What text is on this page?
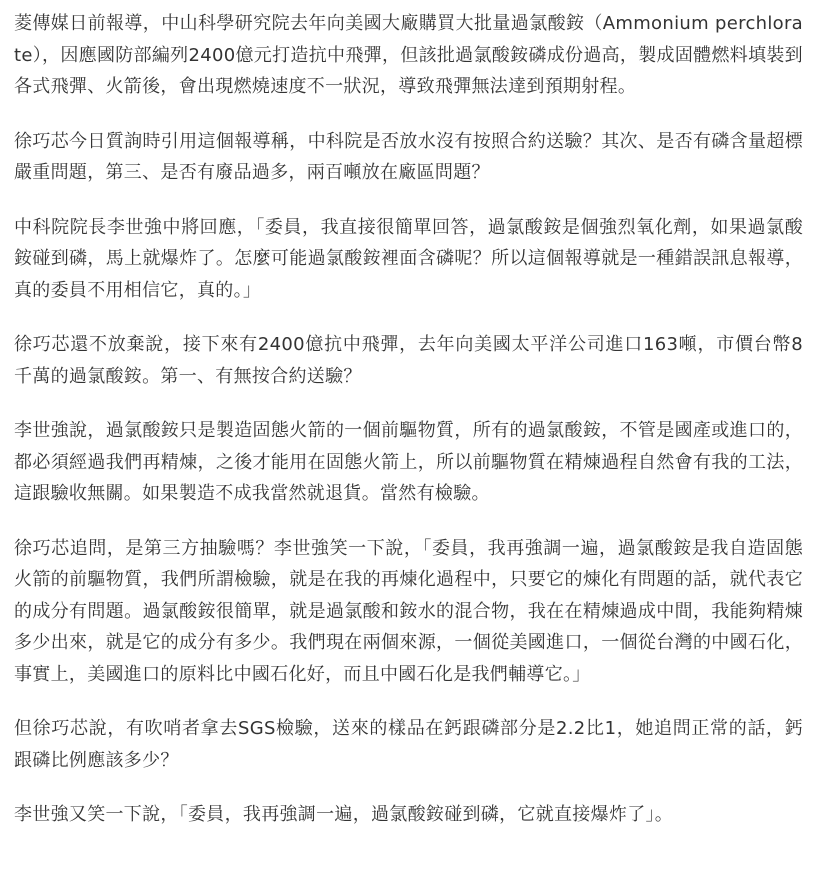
菱傳媒日前報導，中山科學研究院去年向美國大廠購買大批量過氯酸銨（Ammonium perchlorate），因應國防部編列2400億元打造抗中飛彈，但該批過氯酸銨磷成份過高，製成固體燃料填裝到各式飛彈、火箭後，會出現燃燒速度不一狀況，導致飛彈無法達到預期射程。

徐巧芯今日質詢時引用這個報導稱，中科院是否放水沒有按照合約送驗？其次、是否有磷含量超標嚴重問題，第三、是否有廢品過多，兩百噸放在廠區問題？

中科院院長李世強中將回應，「委員，我直接很簡單回答，過氯酸銨是個強烈氧化劑，如果過氯酸銨碰到磷，馬上就爆炸了。怎麼可能過氯酸銨裡面含磷呢？所以這個報導就是一種錯誤訊息報導，真的委員不用相信它，真的。」

徐巧芯還不放棄說，接下來有2400億抗中飛彈，去年向美國太平洋公司進口163噸，市價台幣8千萬的過氯酸銨。第一、有無按合約送驗？

李世強說，過氯酸銨只是製造固態火箭的一個前驅物質，所有的過氯酸銨，不管是國產或進口的，都必須經過我們再精煉，之後才能用在固態火箭上，所以前驅物質在精煉過程自然會有我的工法，這跟驗收無關。如果製造不成我當然就退貨。當然有檢驗。

徐巧芯追問，是第三方抽驗嗎？李世強笑一下說，「委員，我再強調一遍，過氯酸銨是我自造固態火箭的前驅物質，我們所謂檢驗，就是在我的再煉化過程中，只要它的煉化有問題的話，就代表它的成分有問題。過氯酸銨很簡單，就是過氯酸和銨水的混合物，我在在精煉過成中間，我能夠精煉多少出來，就是它的成分有多少。我們現在兩個來源，一個從美國進口，一個從台灣的中國石化，事實上，美國進口的原料比中國石化好，而且中國石化是我們輔導它。」

但徐巧芯說，有吹哨者拿去SGS檢驗，送來的樣品在鈣跟磷部分是2.2比1，她追問正常的話，鈣跟磷比例應該多少？

李世強又笑一下說，「委員，我再強調一遍，過氯酸銨碰到磷，它就直接爆炸了」。
